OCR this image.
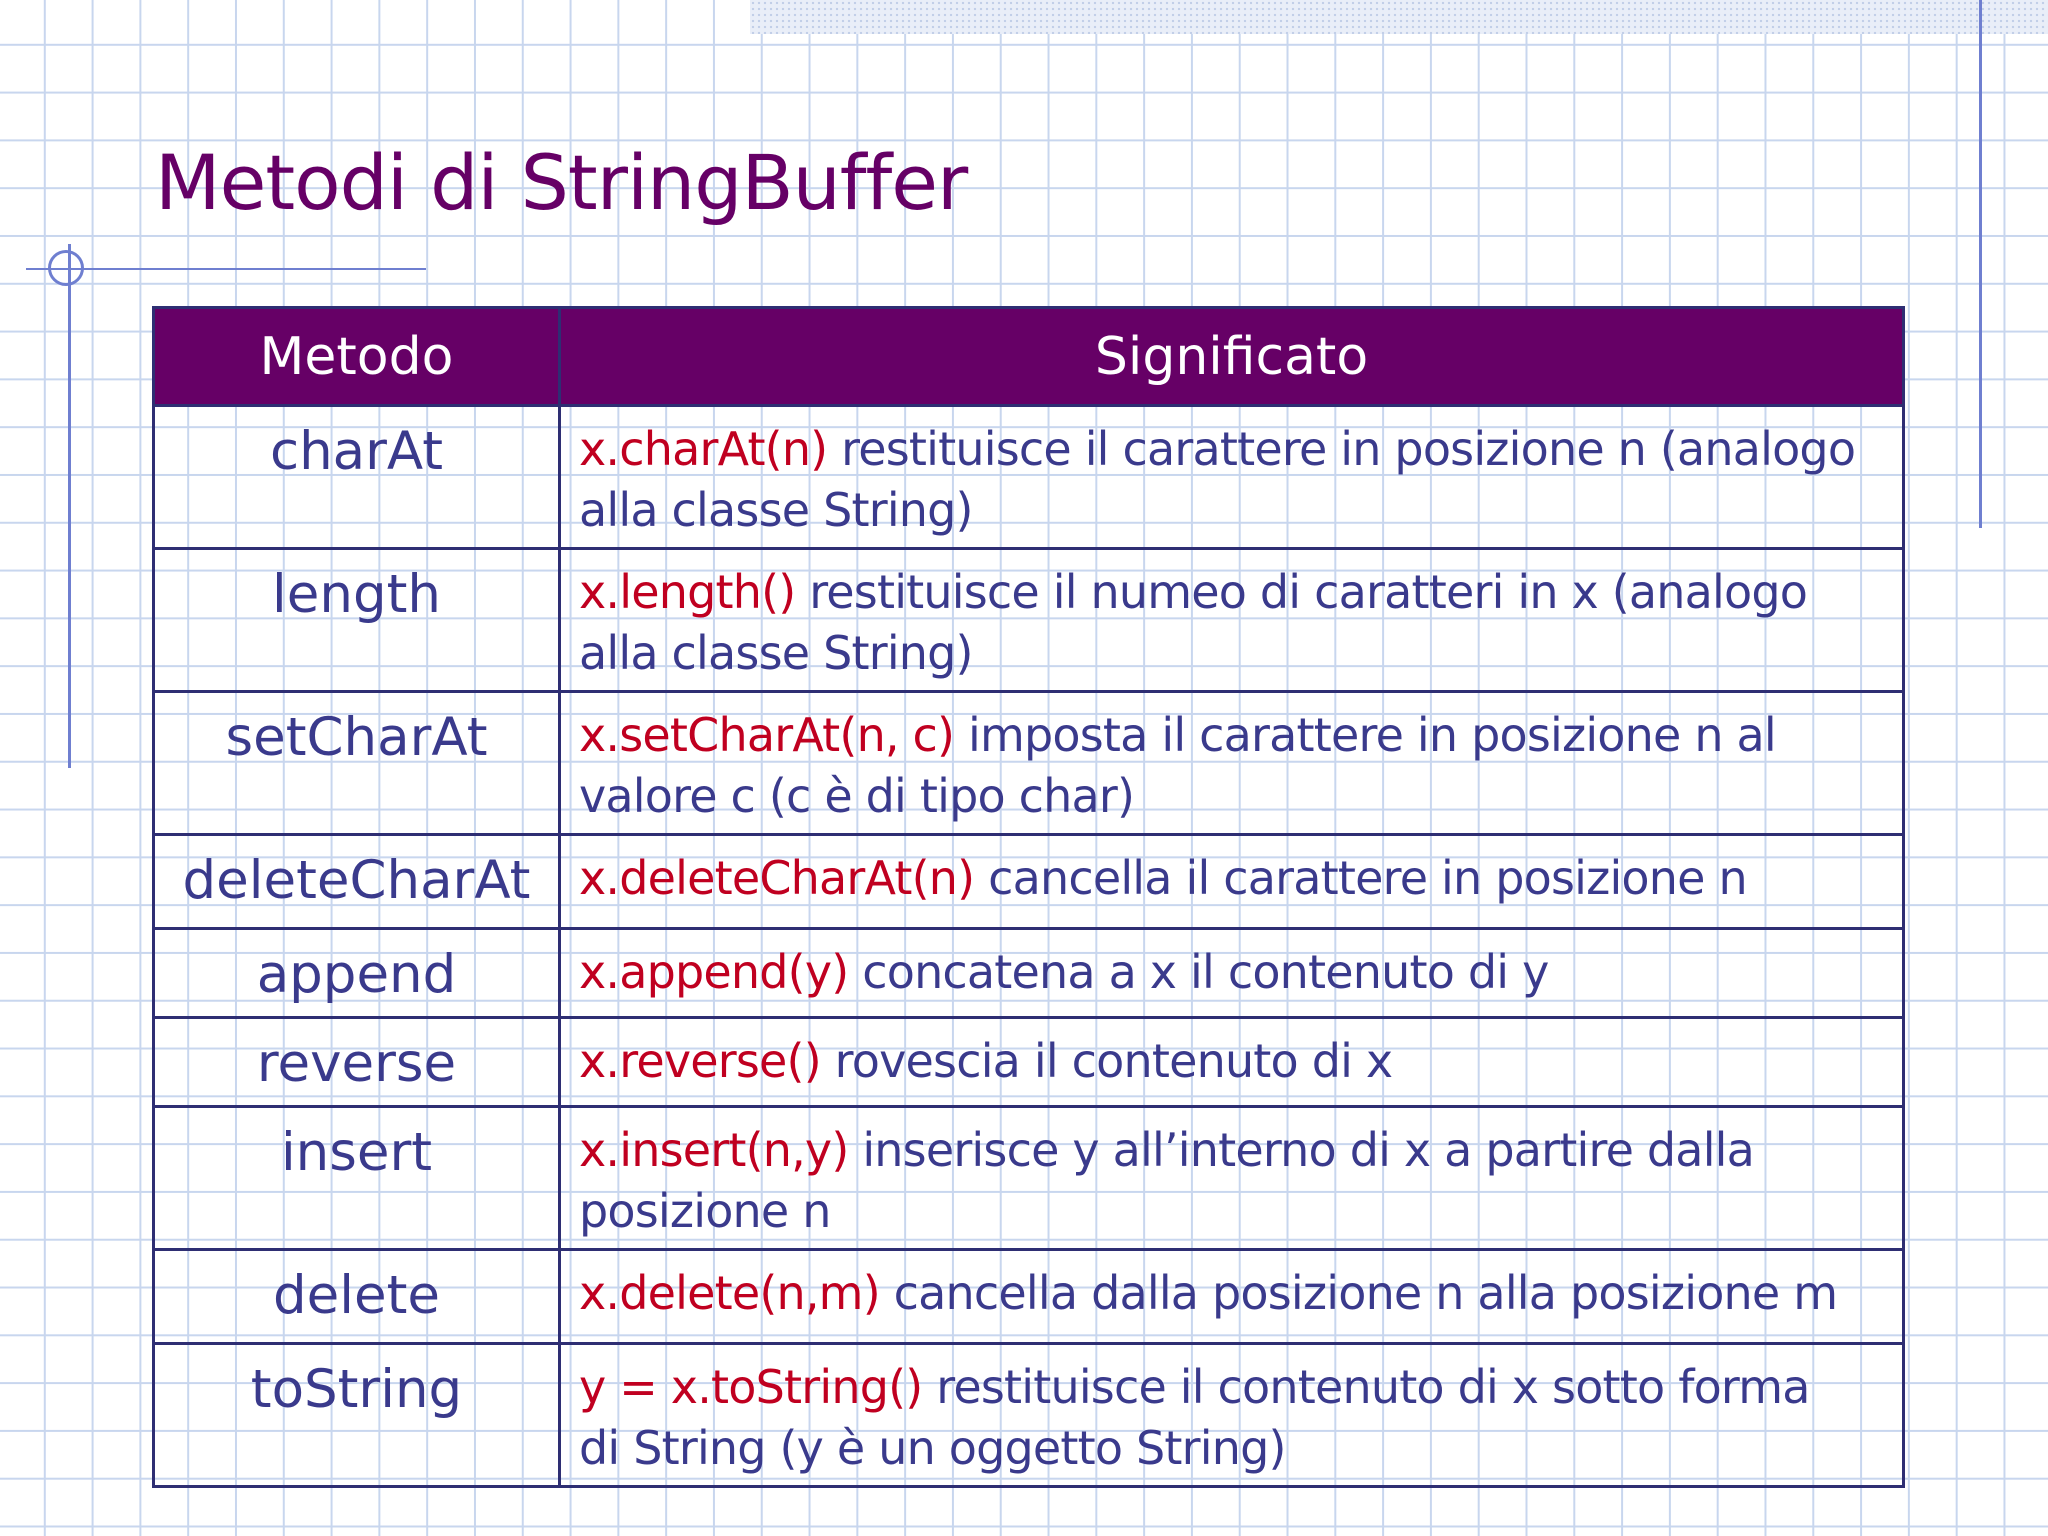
Metodi di StringBuffer
Metodo	Significato
charAt	x.charAt(n) restituisce il carattere in posizione n (analogo
alla classe String)
length	x.length() restituisce il numeo di caratteri in x (analogo
alla classe String)
setCharAt	x.setCharAt(n, c) imposta il carattere in posizione n al
valore c (c è di tipo char)
deleteCharAt	x.deleteCharAt(n) cancella il carattere in posizione n
append	x.append(y) concatena a x il contenuto di y
reverse	x.reverse() rovescia il contenuto di x
insert	x.insert(n,y) inserisce y all’interno di x a partire dalla
posizione n
delete	x.delete(n,m) cancella dalla posizione n alla posizione m
toString	y = x.toString() restituisce il contenuto di x sotto forma
di String (y è un oggetto String)
